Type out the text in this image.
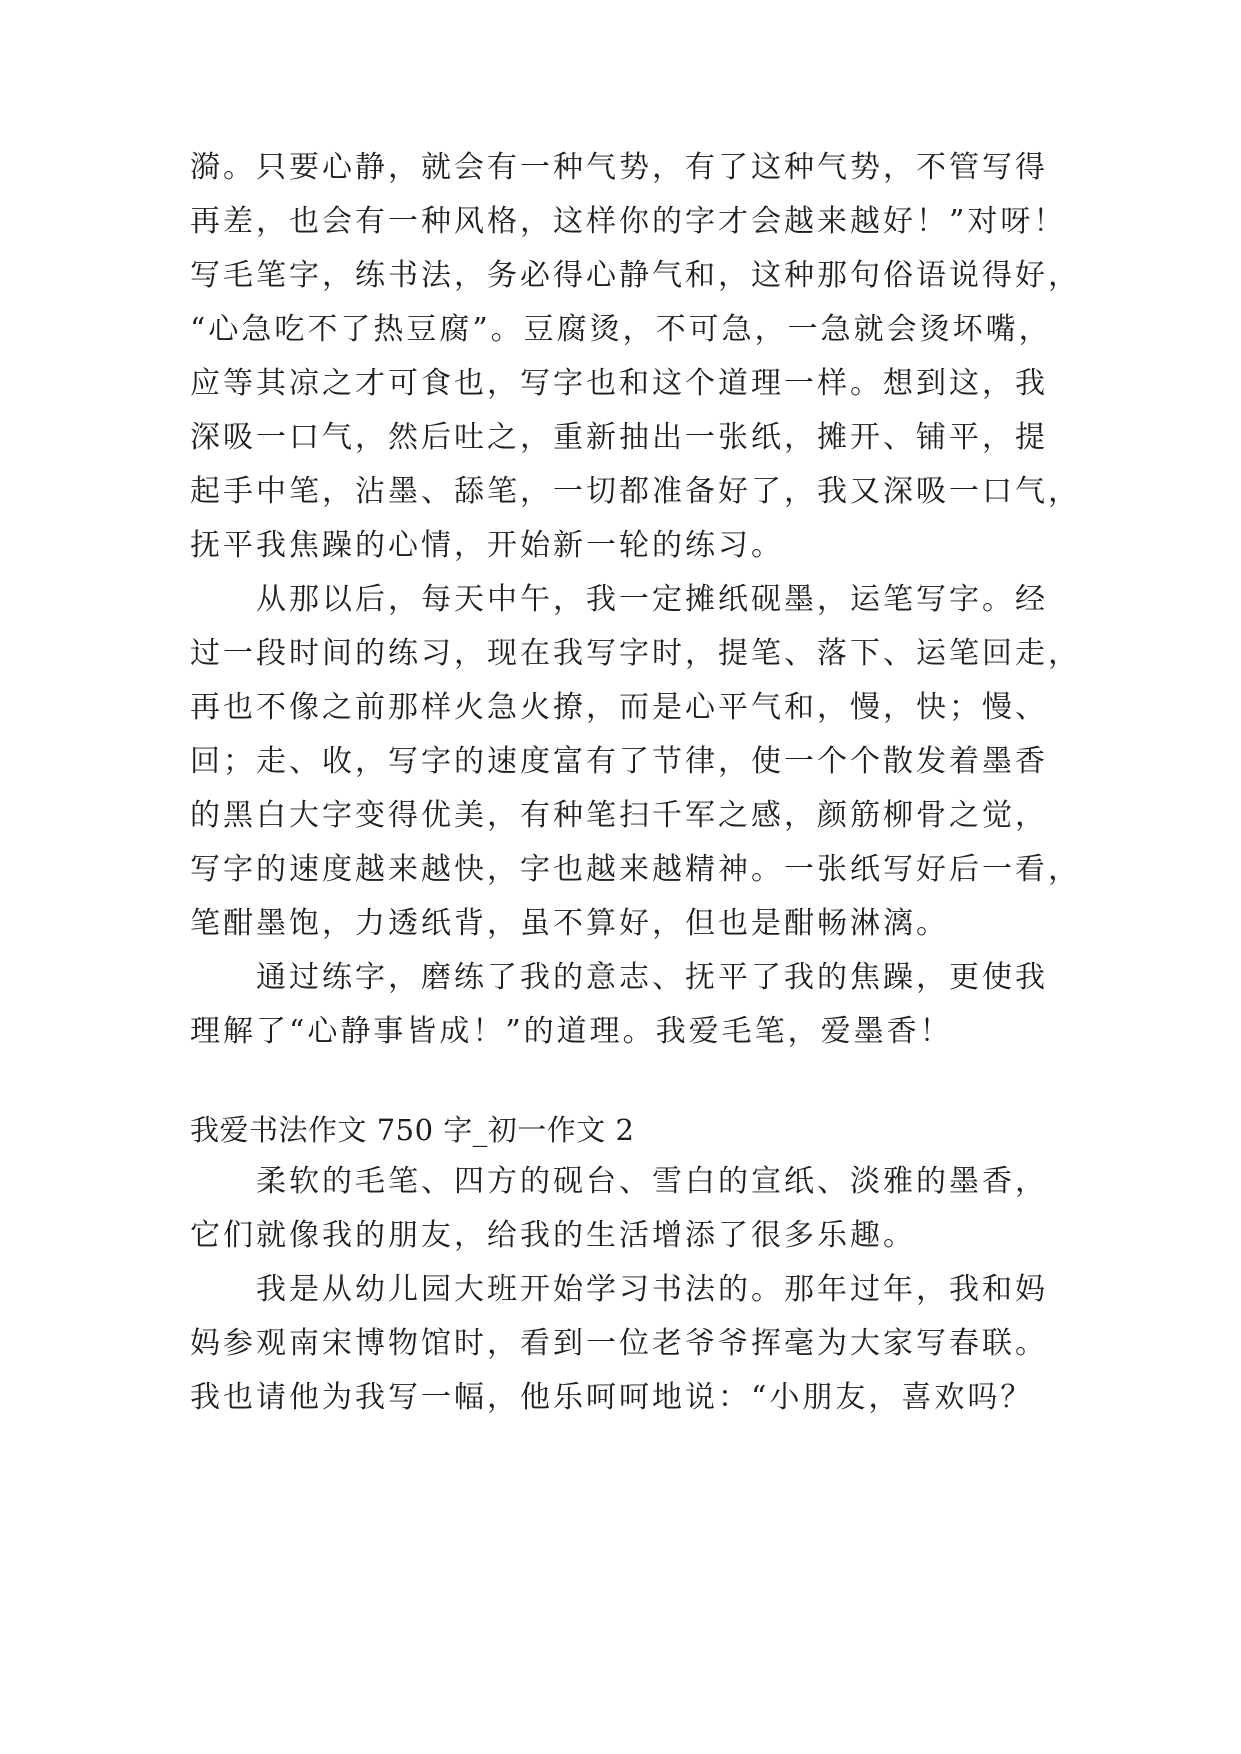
漪。只要心静，就会有一种气势，有了这种气势，不管写得
再差，也会有一种风格，这样你的字才会越来越好！”对呀！
写毛笔字，练书法，务必得心静气和，这种那句俗语说得好，
“心急吃不了热豆腐”。豆腐烫，不可急，一急就会烫坏嘴，
应等其凉之才可食也，写字也和这个道理一样。想到这，我
深吸一口气，然后吐之，重新抽出一张纸，摊开、铺平，提
起手中笔，沾墨、舔笔，一切都准备好了，我又深吸一口气，
抚平我焦躁的心情，开始新一轮的练习。
从那以后，每天中午，我一定摊纸砚墨，运笔写字。经
过一段时间的练习，现在我写字时，提笔、落下、运笔回走，
再也不像之前那样火急火撩，而是心平气和，慢，快；慢、
回；走、收，写字的速度富有了节律，使一个个散发着墨香
的黑白大字变得优美，有种笔扫千军之感，颜筋柳骨之觉，
写字的速度越来越快，字也越来越精神。一张纸写好后一看，
笔酣墨饱，力透纸背，虽不算好，但也是酣畅淋漓。
通过练字，磨练了我的意志、抚平了我的焦躁，更使我
理解了“心静事皆成！”的道理。我爱毛笔，爱墨香！
我爱书法作文 750 字_初一作文 2
柔软的毛笔、四方的砚台、雪白的宣纸、淡雅的墨香，
它们就像我的朋友，给我的生活增添了很多乐趣。
我是从幼儿园大班开始学习书法的。那年过年，我和妈
妈参观南宋博物馆时，看到一位老爷爷挥毫为大家写春联。
我也请他为我写一幅，他乐呵呵地说：“小朋友，喜欢吗？
